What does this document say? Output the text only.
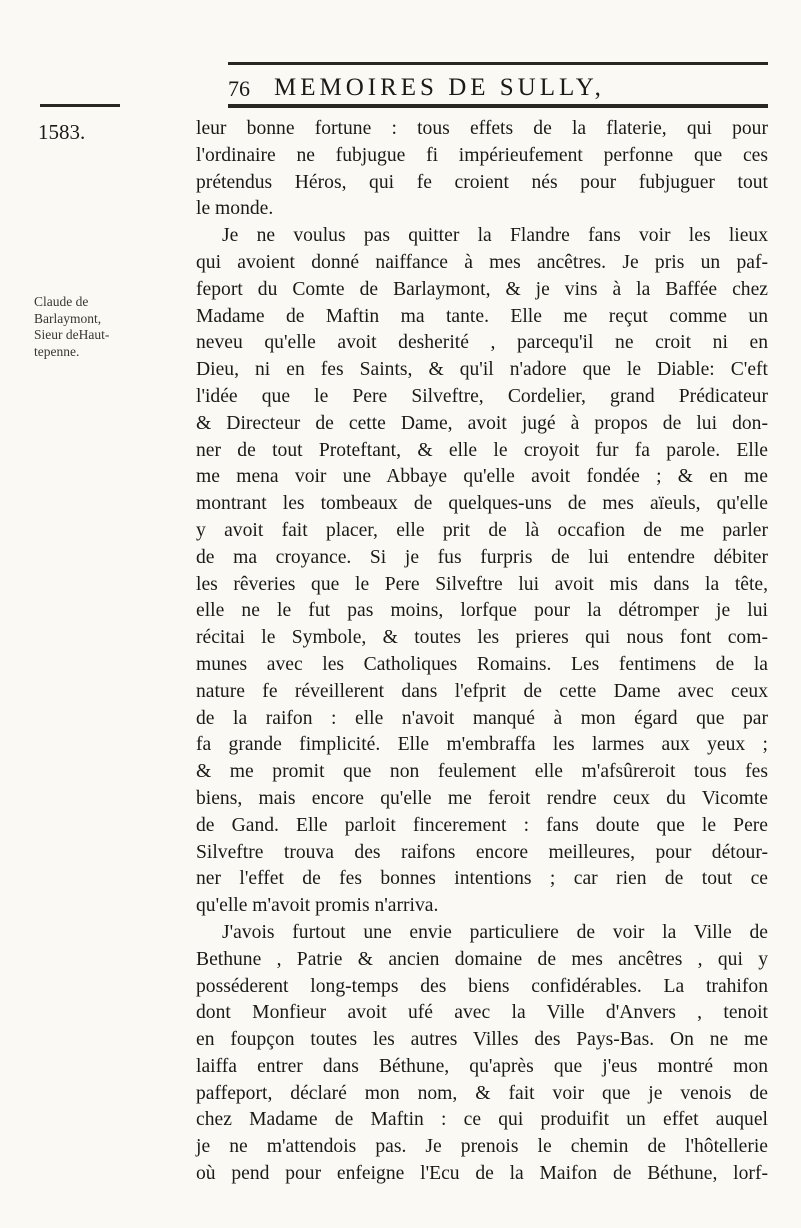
76 MEMOIRES DE SULLY,
1583.
Claude de
Barlaymont,
Sieur deHaut-
tepenne.
leur bonne fortune : tous effets de la flaterie, qui pour
l'ordinaire ne fubjugue fi impérieufement perfonne que ces
prétendus Héros, qui fe croient nés pour fubjuguer tout
le monde.
Je ne voulus pas quitter la Flandre fans voir les lieux
qui avoient donné naiffance à mes ancêtres. Je pris un paf-
feport du Comte de Barlaymont, & je vins à la Baffée chez
Madame de Maftin ma tante. Elle me reçut comme un
neveu qu'elle avoit desherité , parcequ'il ne croit ni en
Dieu, ni en fes Saints, & qu'il n'adore que le Diable: C'eft
l'idée que le Pere Silveftre, Cordelier, grand Prédicateur
& Directeur de cette Dame, avoit jugé à propos de lui don-
ner de tout Proteftant, & elle le croyoit fur fa parole. Elle
me mena voir une Abbaye qu'elle avoit fondée ; & en me
montrant les tombeaux de quelques-uns de mes aïeuls, qu'elle
y avoit fait placer, elle prit de là occafion de me parler
de ma croyance. Si je fus furpris de lui entendre débiter
les rêveries que le Pere Silveftre lui avoit mis dans la tête,
elle ne le fut pas moins, lorfque pour la détromper je lui
récitai le Symbole, & toutes les prieres qui nous font com-
munes avec les Catholiques Romains. Les fentimens de la
nature fe réveillerent dans l'efprit de cette Dame avec ceux
de la raifon : elle n'avoit manqué à mon égard que par
fa grande fimplicité. Elle m'embraffa les larmes aux yeux ;
& me promit que non feulement elle m'afsûreroit tous fes
biens, mais encore qu'elle me feroit rendre ceux du Vicomte
de Gand. Elle parloit fincerement : fans doute que le Pere
Silveftre trouva des raifons encore meilleures, pour détour-
ner l'effet de fes bonnes intentions ; car rien de tout ce
qu'elle m'avoit promis n'arriva.
J'avois furtout une envie particuliere de voir la Ville de
Bethune , Patrie & ancien domaine de mes ancêtres , qui y
posséderent long-temps des biens confidérables. La trahifon
dont Monfieur avoit ufé avec la Ville d'Anvers , tenoit
en foupçon toutes les autres Villes des Pays-Bas. On ne me
laiffa entrer dans Béthune, qu'après que j'eus montré mon
paffeport, déclaré mon nom, & fait voir que je venois de
chez Madame de Maftin : ce qui produifit un effet auquel
je ne m'attendois pas. Je prenois le chemin de l'hôtellerie
où pend pour enfeigne l'Ecu de la Maifon de Béthune, lorf-
